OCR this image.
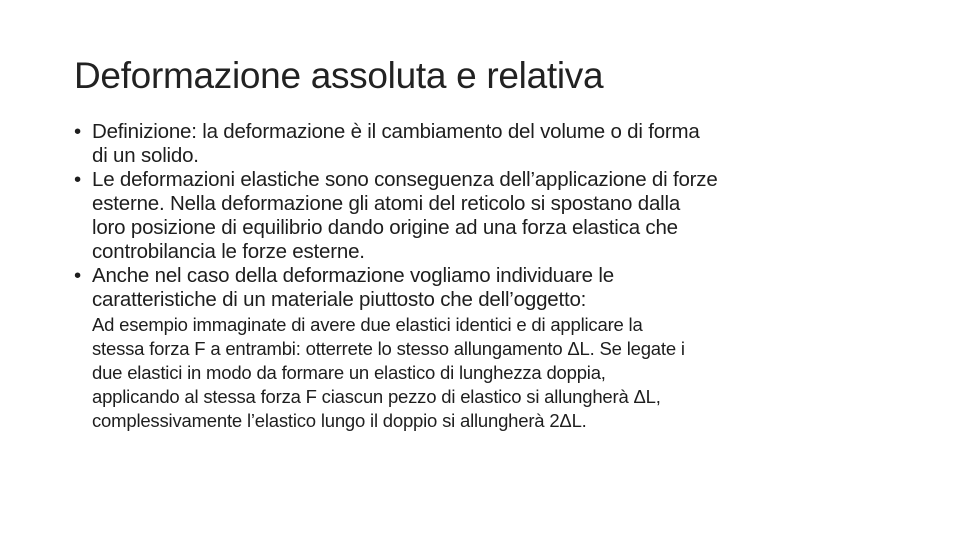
Deformazione assoluta e relativa
• Definizione: la deformazione è il cambiamento del volume o di forma
di un solido.
• Le deformazioni elastiche sono conseguenza dell’applicazione di forze
esterne. Nella deformazione gli atomi del reticolo si spostano dalla
loro posizione di equilibrio dando origine ad una forza elastica che
controbilancia le forze esterne.
• Anche nel caso della deformazione vogliamo individuare le
caratteristiche di un materiale piuttosto che dell’oggetto:
Ad esempio immaginate di avere due elastici identici e di applicare la
stessa forza F a entrambi: otterrete lo stesso allungamento ΔL. Se legate i
due elastici in modo da formare un elastico di lunghezza doppia,
applicando al stessa forza F ciascun pezzo di elastico si allungherà ΔL,
complessivamente l’elastico lungo il doppio si allungherà 2ΔL.
